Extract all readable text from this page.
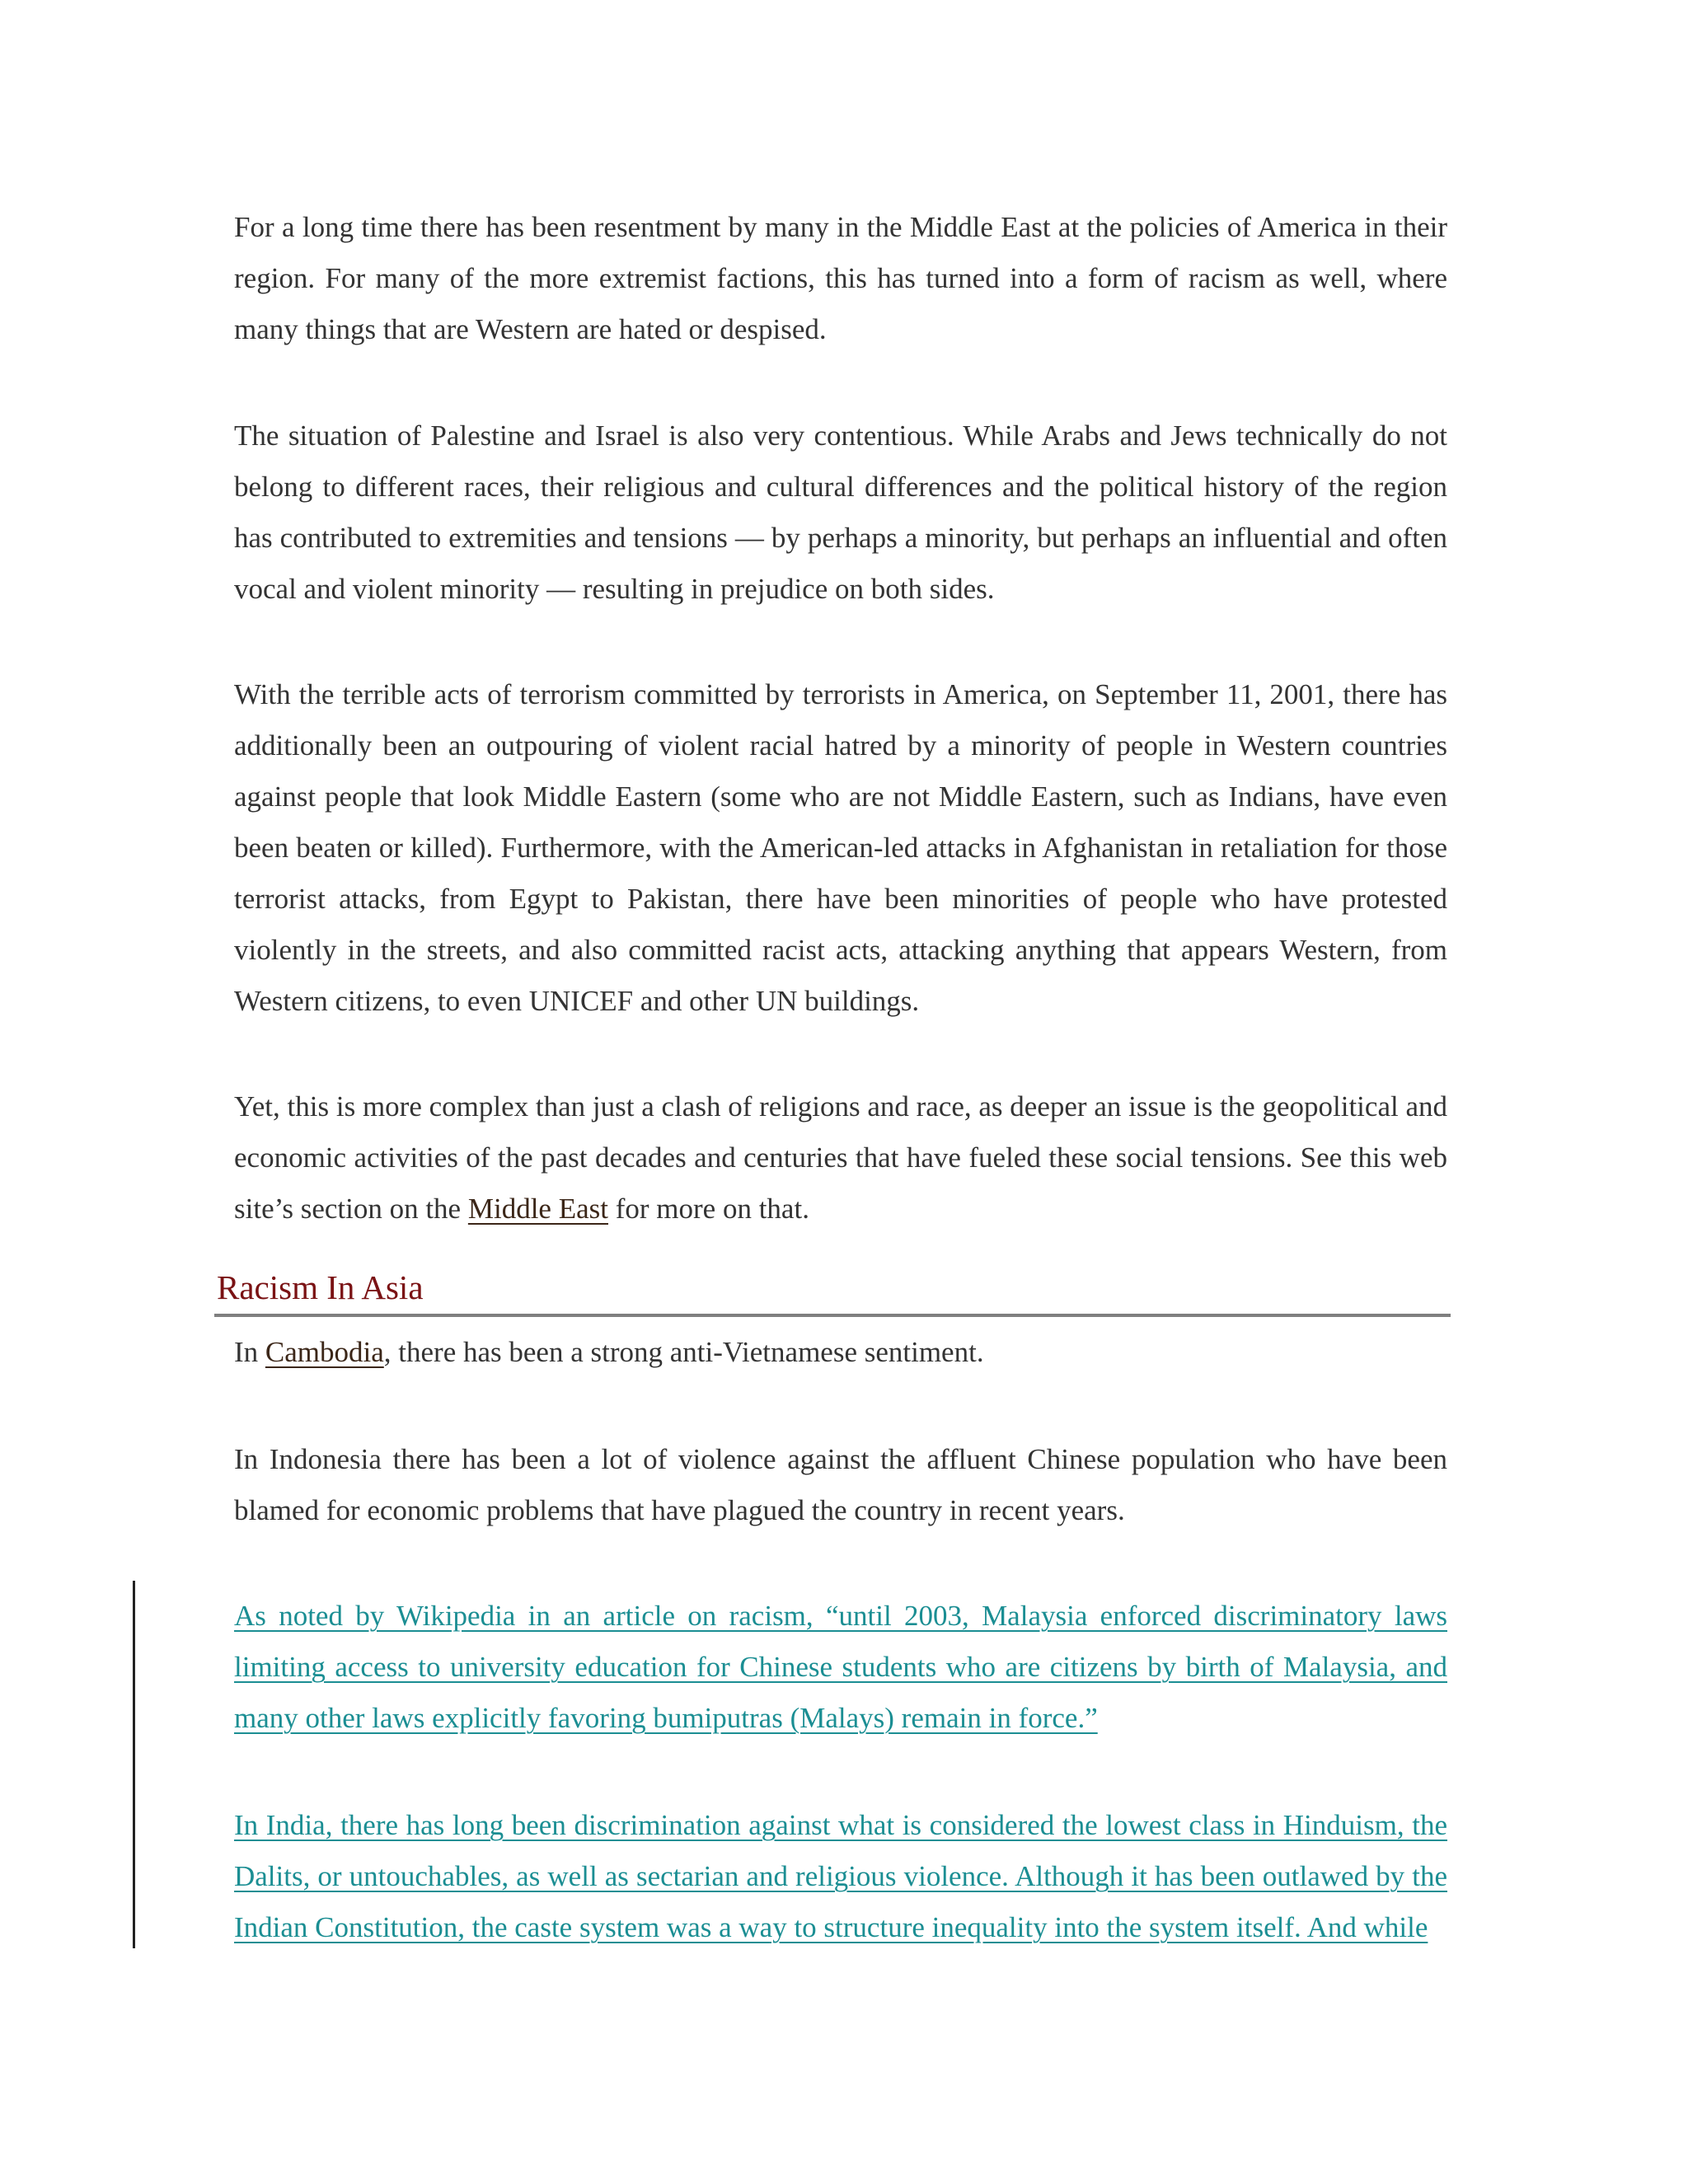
For a long time there has been resentment by many in the Middle East at the policies of America in their region. For many of the more extremist factions, this has turned into a form of racism as well, where many things that are Western are hated or despised.

The situation of Palestine and Israel is also very contentious. While Arabs and Jews technically do not belong to different races, their religious and cultural differences and the political history of the region has contributed to extremities and tensions — by perhaps a minority, but perhaps an influential and often vocal and violent minority — resulting in prejudice on both sides.

With the terrible acts of terrorism committed by terrorists in America, on September 11, 2001, there has additionally been an outpouring of violent racial hatred by a minority of people in Western countries against people that look Middle Eastern (some who are not Middle Eastern, such as Indians, have even been beaten or killed). Furthermore, with the American-led attacks in Afghanistan in retaliation for those terrorist attacks, from Egypt to Pakistan, there have been minorities of people who have protested violently in the streets, and also committed racist acts, attacking anything that appears Western, from Western citizens, to even UNICEF and other UN buildings.

Yet, this is more complex than just a clash of religions and race, as deeper an issue is the geopolitical and economic activities of the past decades and centuries that have fueled these social tensions. See this web site’s section on the Middle East for more on that.

Racism In Asia

In Cambodia, there has been a strong anti-Vietnamese sentiment.

In Indonesia there has been a lot of violence against the affluent Chinese population who have been blamed for economic problems that have plagued the country in recent years.

As noted by Wikipedia in an article on racism, “until 2003, Malaysia enforced discriminatory laws limiting access to university education for Chinese students who are citizens by birth of Malaysia, and many other laws explicitly favoring bumiputras (Malays) remain in force.”

In India, there has long been discrimination against what is considered the lowest class in Hinduism, the Dalits, or untouchables, as well as sectarian and religious violence. Although it has been outlawed by the Indian Constitution, the caste system was a way to structure inequality into the system itself. And while
